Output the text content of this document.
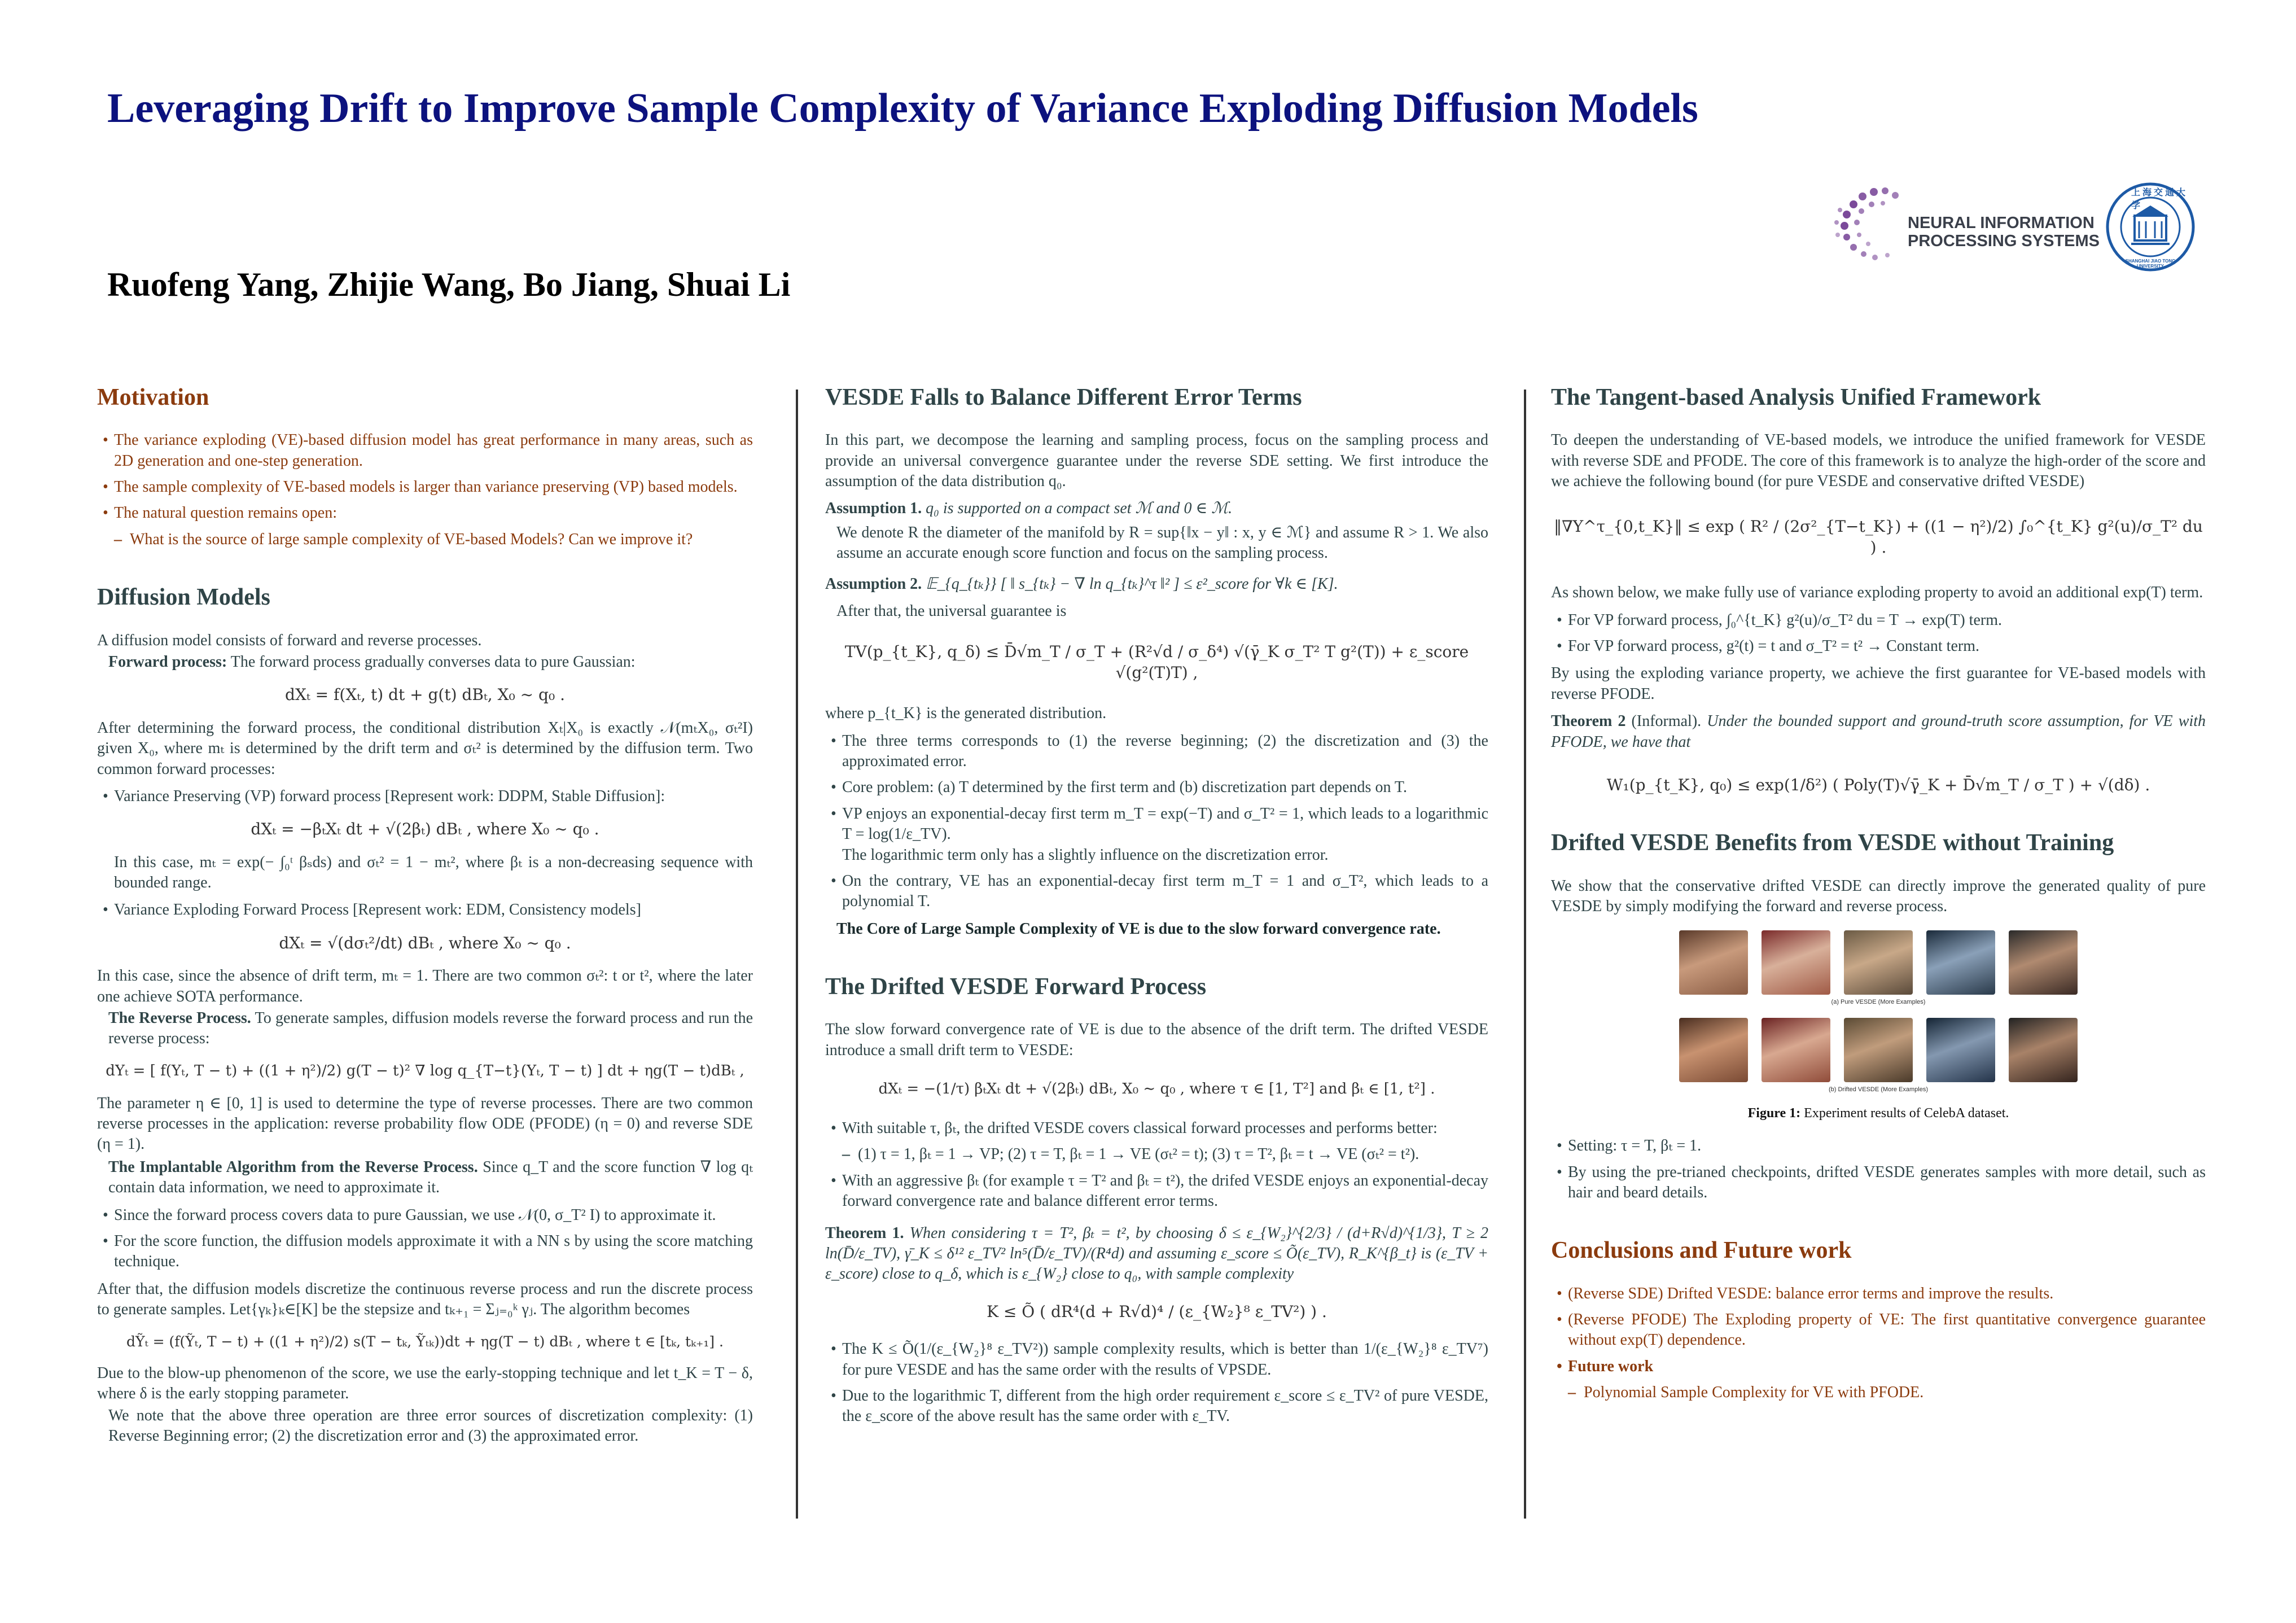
Leveraging Drift to Improve Sample Complexity of Variance Exploding Diffusion Models
Ruofeng Yang, Zhijie Wang, Bo Jiang, Shuai Li
NEURAL INFORMATION
PROCESSING SYSTEMS
上海交通大学
SHANGHAI JIAO TONG UNIVERSITY
Motivation
• The variance exploding (VE)-based diffusion model has great performance in many areas, such as 2D generation and one-step generation.
• The sample complexity of VE-based models is larger than variance preserving (VP) based models.
• The natural question remains open:
– What is the source of large sample complexity of VE-based Models? Can we improve it?
Diffusion Models

A diffusion model consists of forward and reverse processes.

Forward process: The forward process gradually converses data to pure Gaussian:

dXₜ = f(Xₜ, t) dt + g(t) dBₜ, X₀ ∼ q₀ .

After determining the forward process, the conditional distribution Xₜ|X₀ is exactly 𝒩(mₜX₀, σₜ²I) given X₀, where mₜ is determined by the drift term and σₜ² is determined by the diffusion term. Two common forward processes:

• Variance Preserving (VP) forward process [Represent work: DDPM, Stable Diffusion]:
dXₜ = −βₜXₜ dt + √(2βₜ) dBₜ , where X₀ ∼ q₀ .

In this case, mₜ = exp(− ∫₀ᵗ βₛds) and σₜ² = 1 − mₜ², where βₜ is a non-decreasing sequence with bounded range.

• Variance Exploding Forward Process [Represent work: EDM, Consistency models]
dXₜ = √(dσₜ²/dt) dBₜ , where X₀ ∼ q₀ .

In this case, since the absence of drift term, mₜ = 1. There are two common σₜ²: t or t², where the later one achieve SOTA performance.

The Reverse Process. To generate samples, diffusion models reverse the forward process and run the reverse process:

dYₜ = [ f(Yₜ, T − t) + ((1 + η²)/2) g(T − t)² ∇ log q_{T−t}(Yₜ, T − t) ] dt + ηg(T − t)dBₜ ,

The parameter η ∈ [0, 1] is used to determine the type of reverse processes. There are two common reverse processes in the application: reverse probability flow ODE (PFODE) (η = 0) and reverse SDE (η = 1).

The Implantable Algorithm from the Reverse Process. Since q_T and the score function ∇ log qₜ contain data information, we need to approximate it.

• Since the forward process covers data to pure Gaussian, we use 𝒩(0, σ_T² I) to approximate it.
• For the score function, the diffusion models approximate it with a NN s by using the score matching technique.

After that, the diffusion models discretize the continuous reverse process and run the discrete process to generate samples. Let{γₖ}ₖ∈[K] be the stepsize and tₖ₊₁ = Σⱼ₌₀ᵏ γⱼ. The algorithm becomes

dỸₜ = (f(Ỹₜ, T − t) + ((1 + η²)/2) s(T − tₖ, Ỹₜₖ))dt + ηg(T − t) dBₜ , where t ∈ [tₖ, tₖ₊₁] .

Due to the blow-up phenomenon of the score, we use the early-stopping technique and let t_K = T − δ, where δ is the early stopping parameter.

We note that the above three operation are three error sources of discretization complexity: (1) Reverse Beginning error; (2) the discretization error and (3) the approximated error.

VESDE Falls to Balance Different Error Terms

In this part, we decompose the learning and sampling process, focus on the sampling process and provide an universal convergence guarantee under the reverse SDE setting. We first introduce the assumption of the data distribution q₀.

Assumption 1. q₀ is supported on a compact set ℳ and 0 ∈ ℳ.

We denote R the diameter of the manifold by R = sup{‖x − y‖ : x, y ∈ ℳ} and assume R > 1. We also assume an accurate enough score function and focus on the sampling process.

Assumption 2. 𝔼_{q_{tₖ}} [ ‖ s_{tₖ} − ∇ ln q_{tₖ}^τ ‖² ] ≤ ε²_score for ∀k ∈ [K].

After that, the universal guarantee is

TV(p_{t_K}, q_δ) ≤ D̄√m_T / σ_T + (R²√d / σ_δ⁴) √(γ̄_K σ_T² T g²(T)) + ε_score √(g²(T)T) ,

where p_{t_K} is the generated distribution.

• The three terms corresponds to (1) the reverse beginning; (2) the discretization and (3) the approximated error.
• Core problem: (a) T determined by the first term and (b) discretization part depends on T.
• VP enjoys an exponential-decay first term m_T = exp(−T) and σ_T² = 1, which leads to a logarithmic T = log(1/ε_TV).
The logarithmic term only has a slightly influence on the discretization error.
• On the contrary, VE has an exponential-decay first term m_T = 1 and σ_T², which leads to a polynomial T.

The Core of Large Sample Complexity of VE is due to the slow forward convergence rate.

The Drifted VESDE Forward Process

The slow forward convergence rate of VE is due to the absence of the drift term. The drifted VESDE introduce a small drift term to VESDE:

dXₜ = −(1/τ) βₜXₜ dt + √(2βₜ) dBₜ, X₀ ∼ q₀ , where τ ∈ [1, T²] and βₜ ∈ [1, t²] .
• With suitable τ, βₜ, the drifted VESDE covers classical forward processes and performs better:
– (1) τ = 1, βₜ = 1 → VP; (2) τ = T, βₜ = 1 → VE (σₜ² = t); (3) τ = T², βₜ = t → VE (σₜ² = t²).
• With an aggressive βₜ (for example τ = T² and βₜ = t²), the drifed VESDE enjoys an exponential-decay forward convergence rate and balance different error terms.

Theorem 1. When considering τ = T², βₜ = t², by choosing δ ≤ ε_{W₂}^{2/3} / (d+R√d)^{1/3}, T ≥ 2 ln(D̄/ε_TV), γ̄_K ≤ δ¹² ε_TV² ln⁵(D̄/ε_TV)/(R⁴d) and assuming ε_score ≤ Õ(ε_TV), R_K^{β_t} is (ε_TV + ε_score) close to q_δ, which is ε_{W₂} close to q₀, with sample complexity

K ≤ Õ ( dR⁴(d + R√d)⁴ / (ε_{W₂}⁸ ε_TV²) ) .
• The K ≤ Õ(1/(ε_{W₂}⁸ ε_TV²)) sample complexity results, which is better than 1/(ε_{W₂}⁸ ε_TV⁷) for pure VESDE and has the same order with the results of VPSDE.
• Due to the logarithmic T, different from the high order requirement ε_score ≤ ε_TV² of pure VESDE, the ε_score of the above result has the same order with ε_TV.
The Tangent-based Analysis Unified Framework

To deepen the understanding of VE-based models, we introduce the unified framework for VESDE with reverse SDE and PFODE. The core of this framework is to analyze the high-order of the score and we achieve the following bound (for pure VESDE and conservative drifted VESDE)

‖∇Y^τ_{0,t_K}‖ ≤ exp ( R² / (2σ²_{T−t_K}) + ((1 − η²)/2) ∫₀^{t_K} g²(u)/σ_T² du ) .

As shown below, we make fully use of variance exploding property to avoid an additional exp(T) term.

• For VP forward process, ∫₀^{t_K} g²(u)/σ_T² du = T → exp(T) term.
• For VP forward process, g²(t) = t and σ_T² = t² → Constant term.

By using the exploding variance property, we achieve the first guarantee for VE-based models with reverse PFODE.

Theorem 2 (Informal). Under the bounded support and ground-truth score assumption, for VE with PFODE, we have that

W₁(p_{t_K}, q₀) ≤ exp(1/δ²) ( Poly(T)√γ̄_K + D̄√m_T / σ_T ) + √(dδ) .
Drifted VESDE Benefits from VESDE without Training

We show that the conservative drifted VESDE can directly improve the generated quality of pure VESDE by simply modifying the forward and reverse process.

(a) Pure VESDE (More Examples)
(b) Drifted VESDE (More Examples)
Figure 1: Experiment results of CelebA dataset.
• Setting: τ = T, βₜ = 1.
• By using the pre-trianed checkpoints, drifted VESDE generates samples with more detail, such as hair and beard details.
Conclusions and Future work
• (Reverse SDE) Drifted VESDE: balance error terms and improve the results.
• (Reverse PFODE) The Exploding property of VE: The first quantitative convergence guarantee without exp(T) dependence.
• Future work
– Polynomial Sample Complexity for VE with PFODE.
